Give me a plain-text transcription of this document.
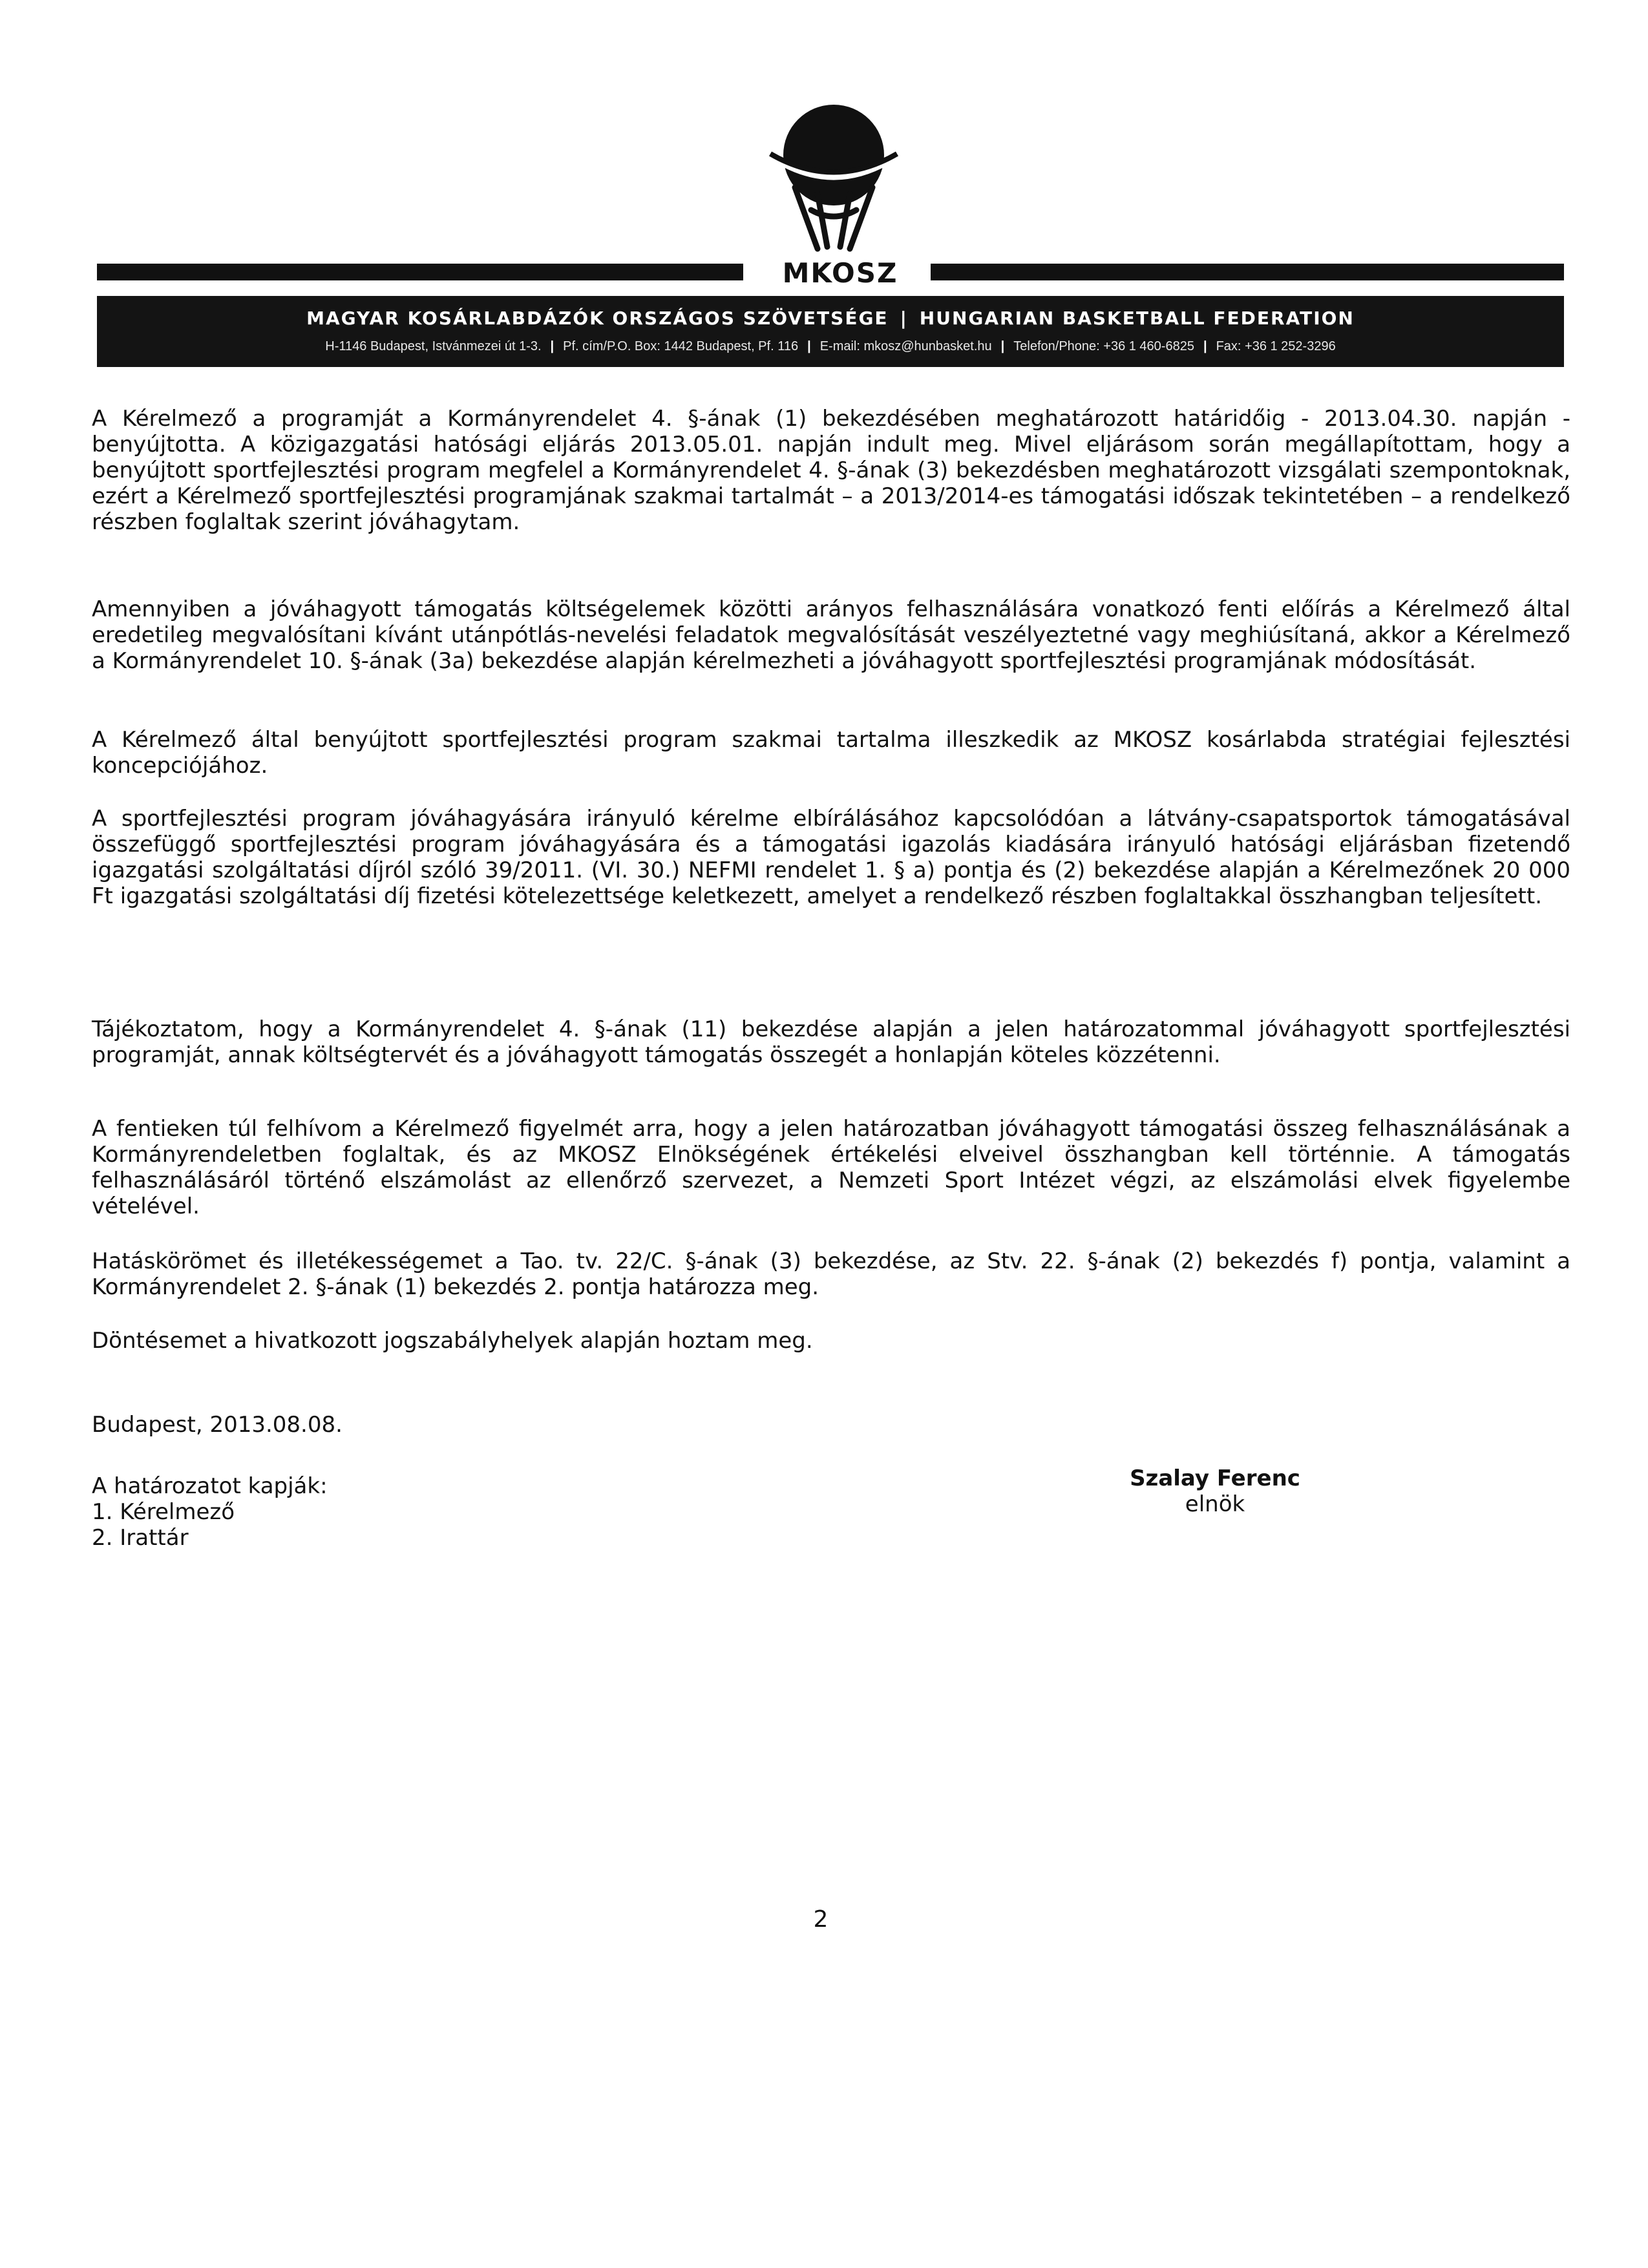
MKOSZ
MAGYAR KOSÁRLABDÁZÓK ORSZÁGOS SZÖVETSÉGE | HUNGARIAN BASKETBALL FEDERATION
H-1146 Budapest, Istvánmezei út 1-3. | Pf. cím/P.O. Box: 1442 Budapest, Pf. 116 | E-mail: mkosz@hunbasket.hu | Telefon/Phone: +36 1 460-6825 | Fax: +36 1 252-3296

A Kérelmező a programját a Kormányrendelet 4. §-ának (1) bekezdésében meghatározott határidőig - 2013.04.30. napján - benyújtotta. A közigazgatási hatósági eljárás 2013.05.01. napján indult meg. Mivel eljárásom során megállapítottam, hogy a benyújtott sportfejlesztési program megfelel a Kormányrendelet 4. §-ának (3) bekezdésben meghatározott vizsgálati szempontoknak, ezért a Kérelmező sportfejlesztési programjának szakmai tartalmát – a 2013/2014-es támogatási időszak tekintetében – a rendelkező részben foglaltak szerint jóváhagytam.

Amennyiben a jóváhagyott támogatás költségelemek közötti arányos felhasználására vonatkozó fenti előírás a Kérelmező által eredetileg megvalósítani kívánt utánpótlás-nevelési feladatok megvalósítását veszélyeztetné vagy meghiúsítaná, akkor a Kérelmező a Kormányrendelet 10. §-ának (3a) bekezdése alapján kérelmezheti a jóváhagyott sportfejlesztési programjának módosítását.

A Kérelmező által benyújtott sportfejlesztési program szakmai tartalma illeszkedik az MKOSZ kosárlabda stratégiai fejlesztési koncepciójához.

A sportfejlesztési program jóváhagyására irányuló kérelme elbírálásához kapcsolódóan a látvány-csapatsportok támogatásával összefüggő sportfejlesztési program jóváhagyására és a támogatási igazolás kiadására irányuló hatósági eljárásban fizetendő igazgatási szolgáltatási díjról szóló 39/2011. (VI. 30.) NEFMI rendelet 1. § a) pontja és (2) bekezdése alapján a Kérelmezőnek 20 000 Ft igazgatási szolgáltatási díj fizetési kötelezettsége keletkezett, amelyet a rendelkező részben foglaltakkal összhangban teljesített.

Tájékoztatom, hogy a Kormányrendelet 4. §-ának (11) bekezdése alapján a jelen határozatommal jóváhagyott sportfejlesztési programját, annak költségtervét és a jóváhagyott támogatás összegét a honlapján köteles közzétenni.

A fentieken túl felhívom a Kérelmező figyelmét arra, hogy a jelen határozatban jóváhagyott támogatási összeg felhasználásának a Kormányrendeletben foglaltak, és az MKOSZ Elnökségének értékelési elveivel összhangban kell történnie. A támogatás felhasználásáról történő elszámolást az ellenőrző szervezet, a Nemzeti Sport Intézet végzi, az elszámolási elvek figyelembe vételével.

Hatáskörömet és illetékességemet a Tao. tv. 22/C. §-ának (3) bekezdése, az Stv. 22. §-ának (2) bekezdés f) pontja, valamint a Kormányrendelet 2. §-ának (1) bekezdés 2. pontja határozza meg.

Döntésemet a hivatkozott jogszabályhelyek alapján hoztam meg.

Budapest, 2013.08.08.

A határozatot kapják:
1. Kérelmező
2. Irattár
Szalay Ferenc
elnök
2
